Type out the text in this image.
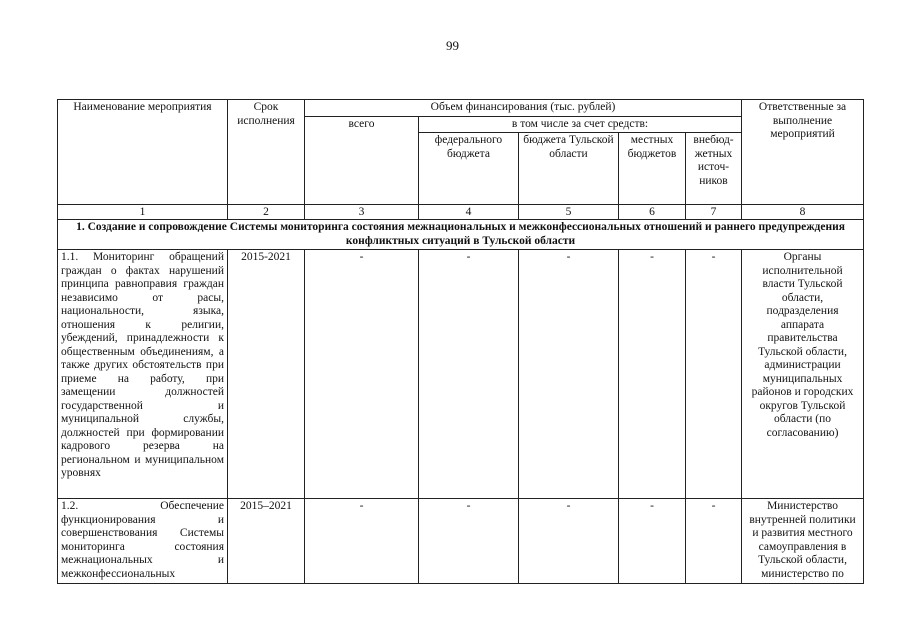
99
Наименование мероприятия	Срок исполнения	Объем финансирования (тыс. рублей)					Ответственные за выполнение мероприятий
		всего	в том числе за счет средств:				
			федерального бюджета	бюджета Тульской области	местных бюджетов	внебюд-жетных источ-ников	
1	2	3	4	5	6	7	8
1. Создание и сопровождение Системы мониторинга состояния межнациональных и межконфессиональных отношений и раннего предупреждения конфликтных ситуаций в Тульской области							
1.1. Мониторинг обращений граждан о фактах нарушений принципа равноправия граждан независимо от расы, национальности, языка, отношения к религии, убеждений, принадлежности к общественным объединениям, а также других обстоятельств при приеме на работу, при замещении должностей государственной и муниципальной службы, должностей при формировании кадрового резерва на региональном и муниципальном уровнях	2015-2021	-	-	-	-	-	Органы исполнительной власти Тульской области, подразделения аппарата правительства Тульской области, администрации муниципальных районов и городских округов Тульской области (по согласованию)
1.2. Обеспечение функционирования и совершенствования Системы мониторинга состояния межнациональных и межконфессиональных	2015–2021	-	-	-	-	-	Министерство внутренней политики и развития местного самоуправления в Тульской области, министерство по
